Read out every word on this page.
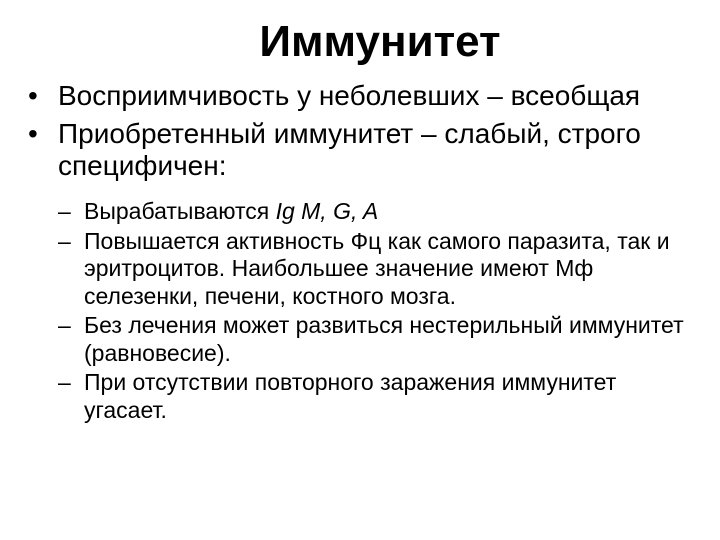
Иммунитет
• Восприимчивость у неболевших – всеобщая
• Приобретенный иммунитет – слабый, строго специфичен:
– Вырабатываются Ig M, G, A
– Повышается активность Фц как самого паразита, так и эритроцитов. Наибольшее значение имеют Мф селезенки, печени, костного мозга.
– Без лечения может развиться нестерильный иммунитет (равновесие).
– При отсутствии повторного заражения иммунитет угасает.
